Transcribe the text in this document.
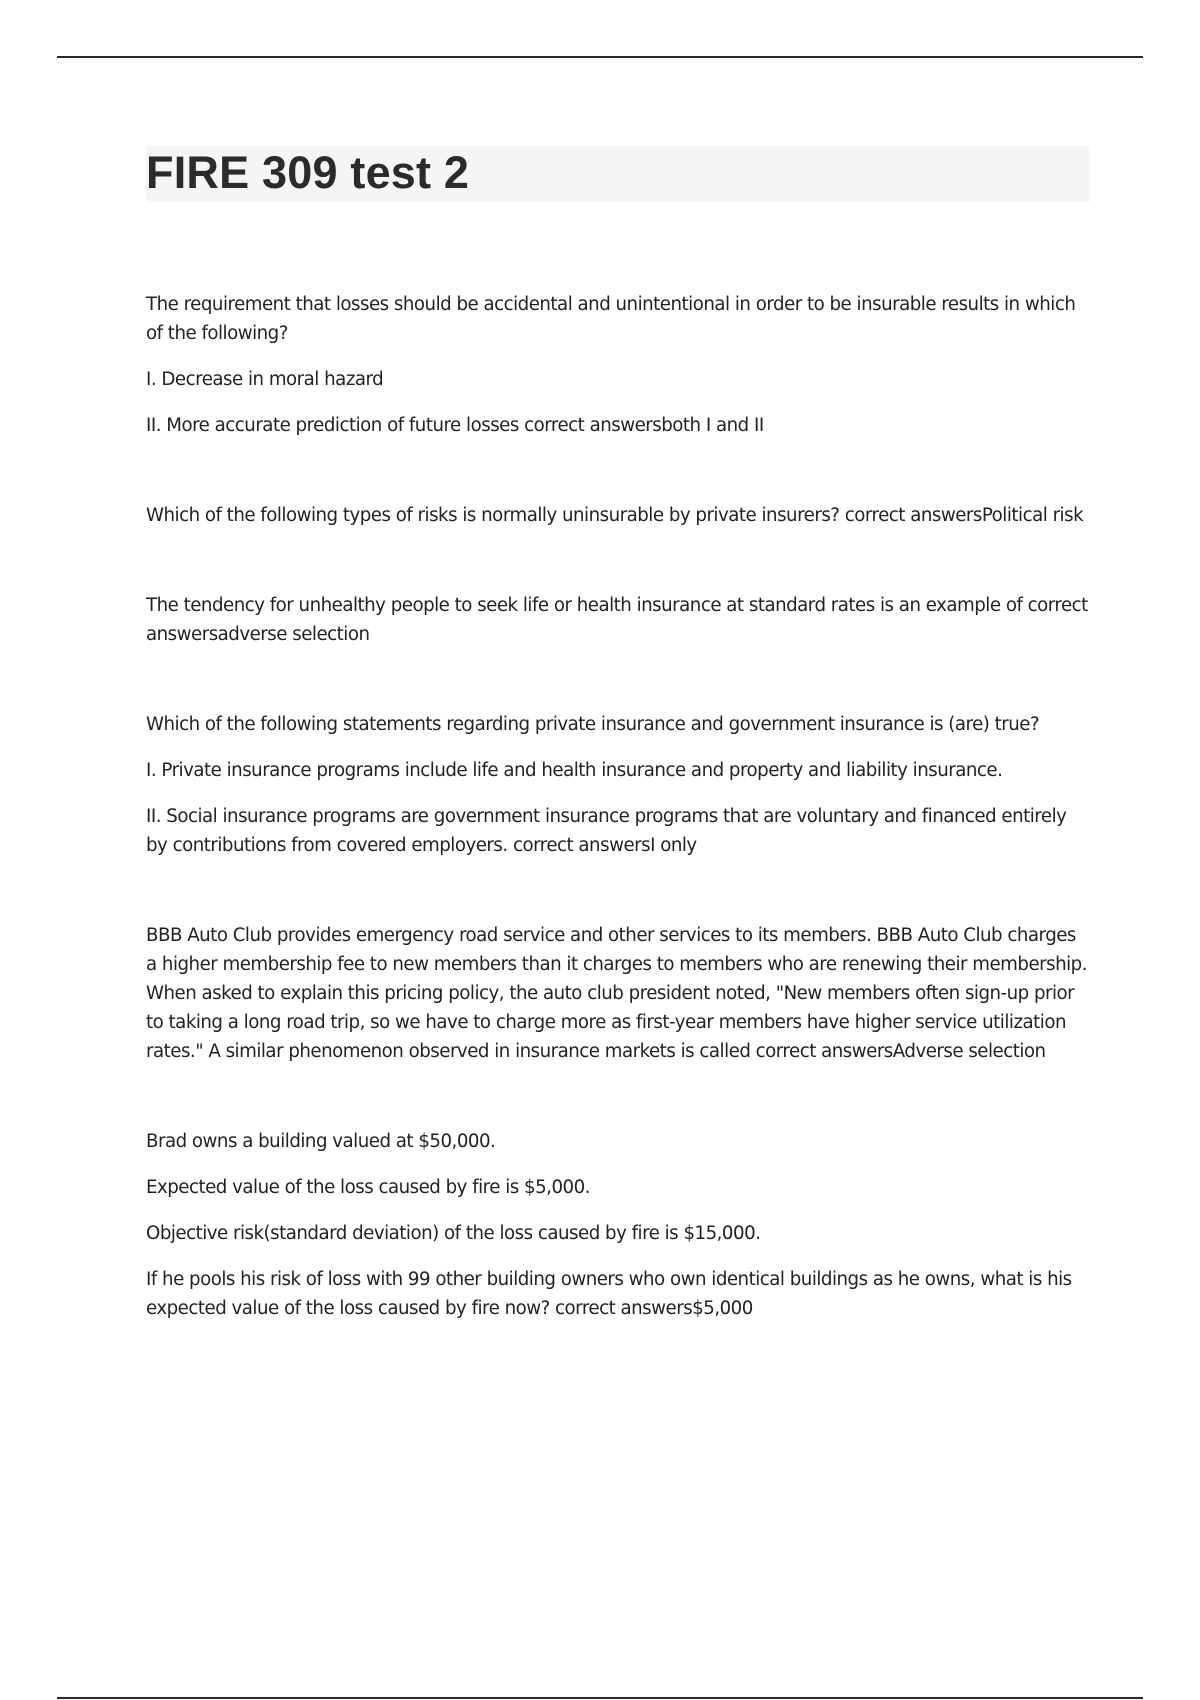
FIRE 309 test 2

The requirement that losses should be accidental and unintentional in order to be insurable results in which of the following?

I. Decrease in moral hazard

II. More accurate prediction of future losses correct answersboth I and II

Which of the following types of risks is normally uninsurable by private insurers? correct answersPolitical risk

The tendency for unhealthy people to seek life or health insurance at standard rates is an example of correct answersadverse selection

Which of the following statements regarding private insurance and government insurance is (are) true?

I. Private insurance programs include life and health insurance and property and liability insurance.

II. Social insurance programs are government insurance programs that are voluntary and financed entirely by contributions from covered employers. correct answersI only

BBB Auto Club provides emergency road service and other services to its members. BBB Auto Club charges a higher membership fee to new members than it charges to members who are renewing their membership. When asked to explain this pricing policy, the auto club president noted, "New members often sign-up prior to taking a long road trip, so we have to charge more as first-year members have higher service utilization rates." A similar phenomenon observed in insurance markets is called correct answersAdverse selection

Brad owns a building valued at $50,000.

Expected value of the loss caused by fire is $5,000.

Objective risk(standard deviation) of the loss caused by fire is $15,000.

If he pools his risk of loss with 99 other building owners who own identical buildings as he owns, what is his expected value of the loss caused by fire now? correct answers$5,000
